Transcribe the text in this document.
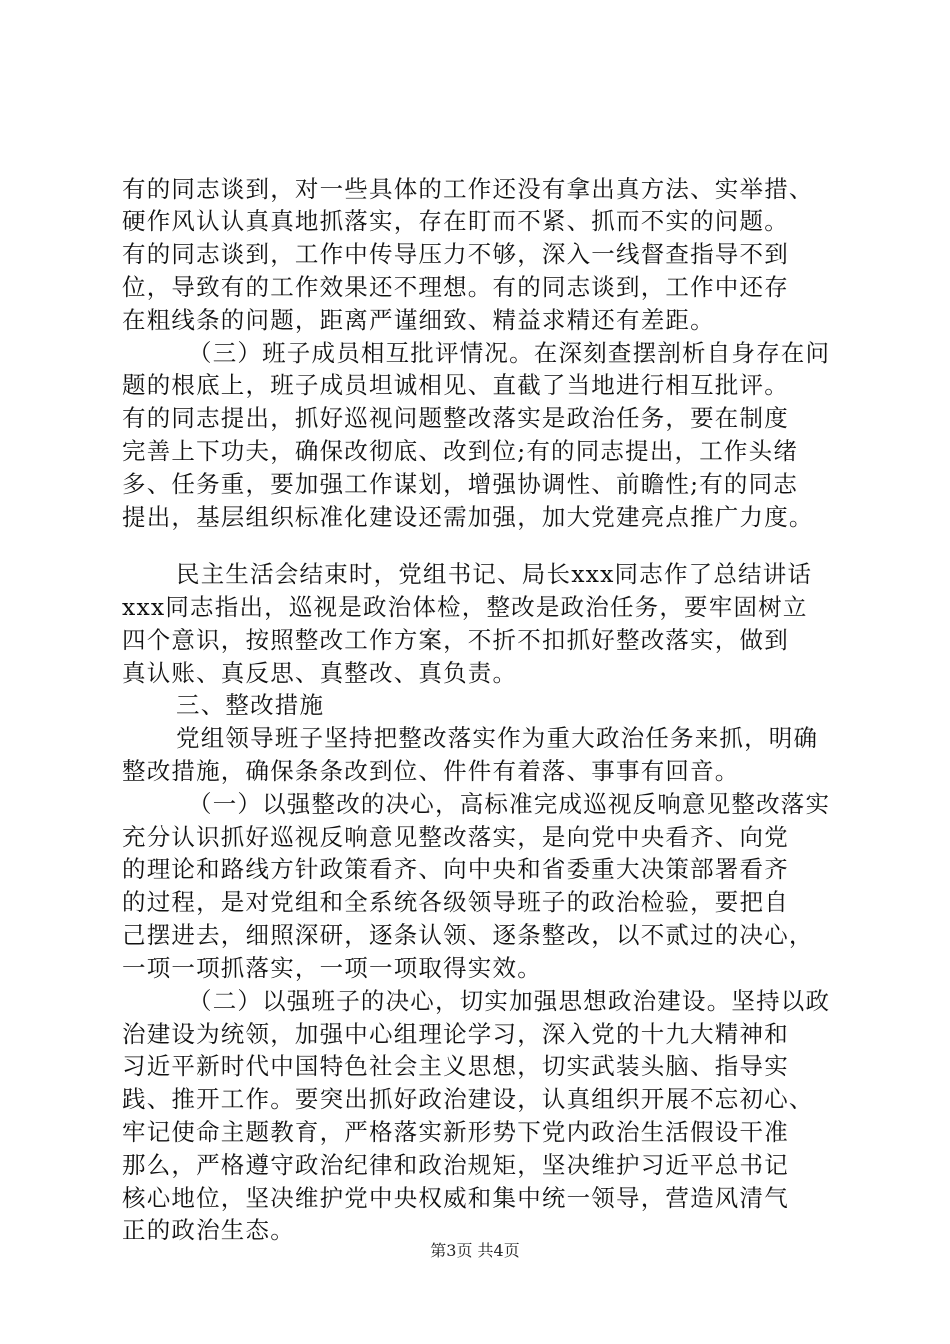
有的同志谈到，对一些具体的工作还没有拿出真方法、实举措、

硬作风认认真真地抓落实，存在盯而不紧、抓而不实的问题。

有的同志谈到，工作中传导压力不够，深入一线督查指导不到

位，导致有的工作效果还不理想。有的同志谈到，工作中还存

在粗线条的问题，距离严谨细致、精益求精还有差距。

（三）班子成员相互批评情况。在深刻查摆剖析自身存在问

题的根底上，班子成员坦诚相见、直截了当地进行相互批评。

有的同志提出，抓好巡视问题整改落实是政治任务，要在制度

完善上下功夫，确保改彻底、改到位;有的同志提出，工作头绪

多、任务重，要加强工作谋划，增强协调性、前瞻性;有的同志

提出，基层组织标准化建设还需加强，加大党建亮点推广力度。

民主生活会结束时，党组书记、局长xxx同志作了总结讲话

xxx同志指出，巡视是政治体检，整改是政治任务，要牢固树立

四个意识，按照整改工作方案，不折不扣抓好整改落实，做到

真认账、真反思、真整改、真负责。

三、整改措施

党组领导班子坚持把整改落实作为重大政治任务来抓，明确

整改措施，确保条条改到位、件件有着落、事事有回音。

（一）以强整改的决心，高标准完成巡视反响意见整改落实

充分认识抓好巡视反响意见整改落实，是向党中央看齐、向党

的理论和路线方针政策看齐、向中央和省委重大决策部署看齐

的过程，是对党组和全系统各级领导班子的政治检验，要把自

己摆进去，细照深研，逐条认领、逐条整改，以不贰过的决心，

一项一项抓落实，一项一项取得实效。

（二）以强班子的决心，切实加强思想政治建设。坚持以政

治建设为统领，加强中心组理论学习，深入党的十九大精神和

习近平新时代中国特色社会主义思想，切实武装头脑、指导实

践、推开工作。要突出抓好政治建设，认真组织开展不忘初心、

牢记使命主题教育，严格落实新形势下党内政治生活假设干准

那么，严格遵守政治纪律和政治规矩，坚决维护习近平总书记

核心地位，坚决维护党中央权威和集中统一领导，营造风清气

正的政治生态。

第3页 共4页
